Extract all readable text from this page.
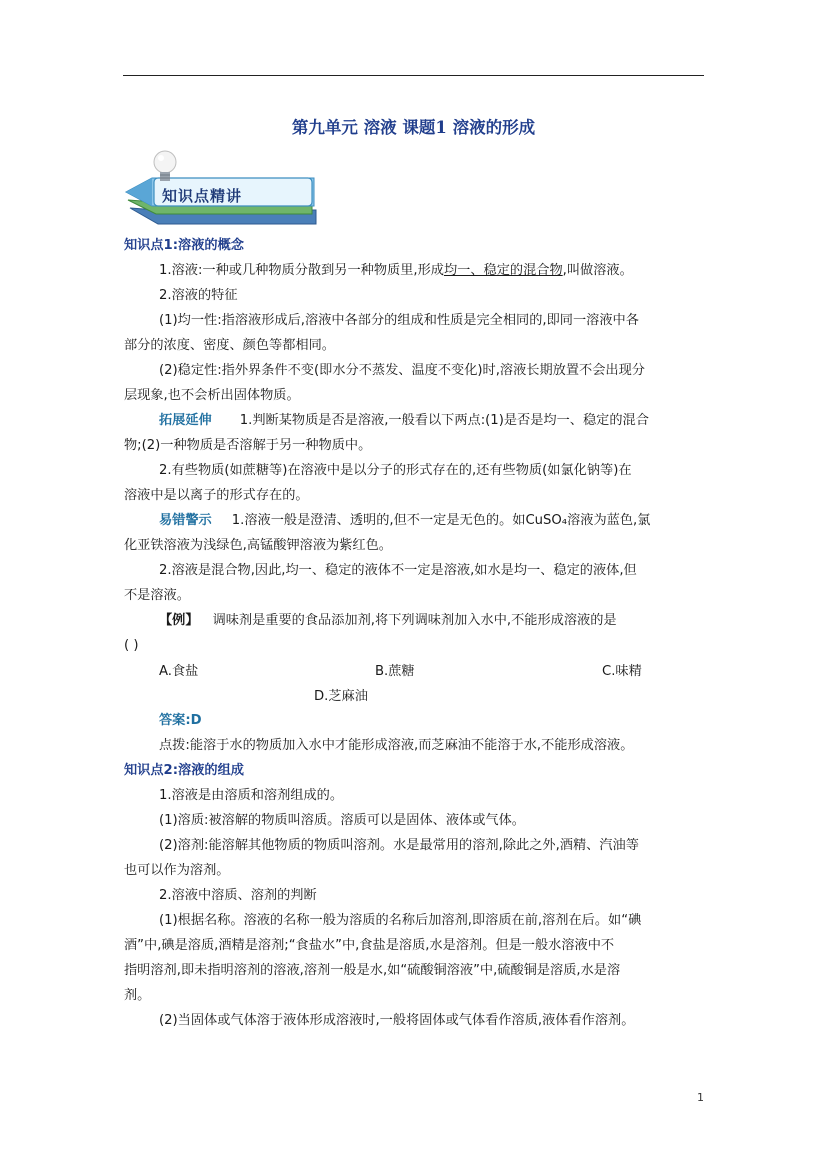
第九单元 溶液 课题1 溶液的形成
知识点精讲
知识点1:溶液的概念
1.溶液:一种或几种物质分散到另一种物质里,形成均一、稳定的混合物,叫做溶液。
2.溶液的特征
(1)均一性:指溶液形成后,溶液中各部分的组成和性质是完全相同的,即同一溶液中各
部分的浓度、密度、颜色等都相同。
(2)稳定性:指外界条件不变(即水分不蒸发、温度不变化)时,溶液长期放置不会出现分
层现象,也不会析出固体物质。
拓展延伸 1.判断某物质是否是溶液,一般看以下两点:(1)是否是均一、稳定的混合
物;(2)一种物质是否溶解于另一种物质中。
2.有些物质(如蔗糖等)在溶液中是以分子的形式存在的,还有些物质(如氯化钠等)在
溶液中是以离子的形式存在的。
易错警示 1.溶液一般是澄清、透明的,但不一定是无色的。如CuSO₄溶液为蓝色,氯
化亚铁溶液为浅绿色,高锰酸钾溶液为紫红色。
2.溶液是混合物,因此,均一、稳定的液体不一定是溶液,如水是均一、稳定的液体,但
不是溶液。
【例】 调味剂是重要的食品添加剂,将下列调味剂加入水中,不能形成溶液的是
( )
A.食盐	B.蔗糖	C.味精
D.芝麻油
答案:D
点拨:能溶于水的物质加入水中才能形成溶液,而芝麻油不能溶于水,不能形成溶液。
知识点2:溶液的组成
1.溶液是由溶质和溶剂组成的。
(1)溶质:被溶解的物质叫溶质。溶质可以是固体、液体或气体。
(2)溶剂:能溶解其他物质的物质叫溶剂。水是最常用的溶剂,除此之外,酒精、汽油等
也可以作为溶剂。
2.溶液中溶质、溶剂的判断
(1)根据名称。溶液的名称一般为溶质的名称后加溶剂,即溶质在前,溶剂在后。如“碘
酒”中,碘是溶质,酒精是溶剂;“食盐水”中,食盐是溶质,水是溶剂。但是一般水溶液中不
指明溶剂,即未指明溶剂的溶液,溶剂一般是水,如“硫酸铜溶液”中,硫酸铜是溶质,水是溶
剂。
(2)当固体或气体溶于液体形成溶液时,一般将固体或气体看作溶质,液体看作溶剂。
1
